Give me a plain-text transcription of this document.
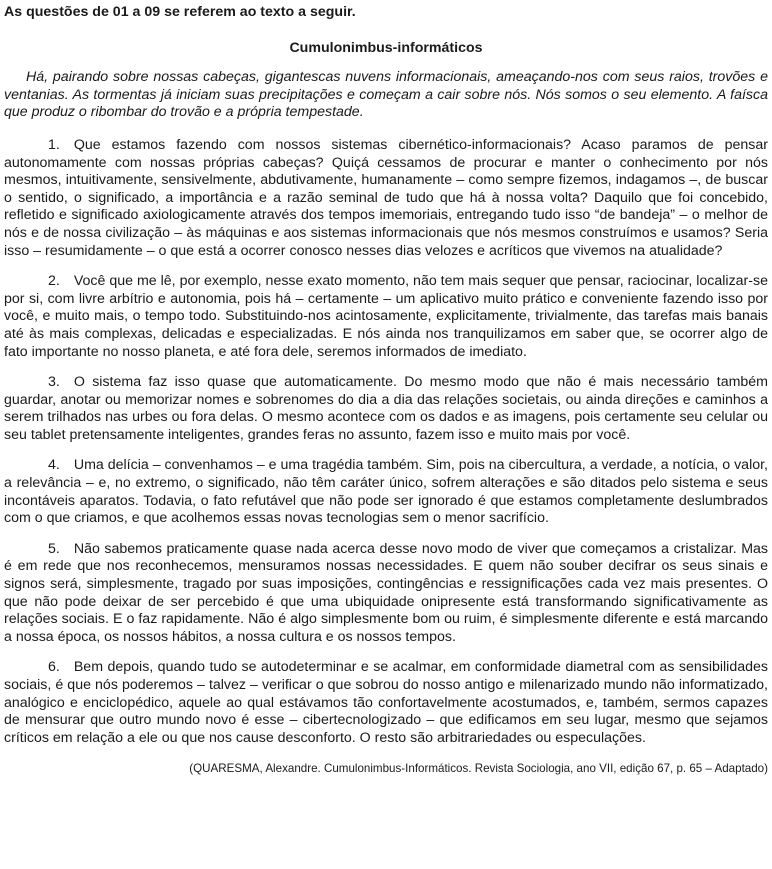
As questões de 01 a 09 se referem ao texto a seguir.

Cumulonimbus-informáticos

Há, pairando sobre nossas cabeças, gigantescas nuvens informacionais, ameaçando-nos com seus raios, trovões e ventanias. As tormentas já iniciam suas precipitações e começam a cair sobre nós. Nós somos o seu elemento. A faísca que produz o ribombar do trovão e a própria tempestade.

1. Que estamos fazendo com nossos sistemas cibernético-informacionais? Acaso paramos de pensar autonomamente com nossas próprias cabeças? Quiçá cessamos de procurar e manter o conhecimento por nós mesmos, intuitivamente, sensivelmente, abdutivamente, humanamente – como sempre fizemos, indagamos –, de buscar o sentido, o significado, a importância e a razão seminal de tudo que há à nossa volta? Daquilo que foi concebido, refletido e significado axiologicamente através dos tempos imemoriais, entregando tudo isso “de bandeja” – o melhor de nós e de nossa civilização – às máquinas e aos sistemas informacionais que nós mesmos construímos e usamos? Seria isso – resumidamente – o que está a ocorrer conosco nesses dias velozes e acríticos que vivemos na atualidade?

2. Você que me lê, por exemplo, nesse exato momento, não tem mais sequer que pensar, raciocinar, localizar-se por si, com livre arbítrio e autonomia, pois há – certamente – um aplicativo muito prático e conveniente fazendo isso por você, e muito mais, o tempo todo. Substituindo-nos acintosamente, explicitamente, trivialmente, das tarefas mais banais até às mais complexas, delicadas e especializadas. E nós ainda nos tranquilizamos em saber que, se ocorrer algo de fato importante no nosso planeta, e até fora dele, seremos informados de imediato.

3. O sistema faz isso quase que automaticamente. Do mesmo modo que não é mais necessário também guardar, anotar ou memorizar nomes e sobrenomes do dia a dia das relações societais, ou ainda direções e caminhos a serem trilhados nas urbes ou fora delas. O mesmo acontece com os dados e as imagens, pois certamente seu celular ou seu tablet pretensamente inteligentes, grandes feras no assunto, fazem isso e muito mais por você.

4. Uma delícia – convenhamos – e uma tragédia também. Sim, pois na cibercultura, a verdade, a notícia, o valor, a relevância – e, no extremo, o significado, não têm caráter único, sofrem alterações e são ditados pelo sistema e seus incontáveis aparatos. Todavia, o fato refutável que não pode ser ignorado é que estamos completamente deslumbrados com o que criamos, e que acolhemos essas novas tecnologias sem o menor sacrifício.

5. Não sabemos praticamente quase nada acerca desse novo modo de viver que começamos a cristalizar. Mas é em rede que nos reconhecemos, mensuramos nossas necessidades. E quem não souber decifrar os seus sinais e signos será, simplesmente, tragado por suas imposições, contingências e ressignificações cada vez mais presentes. O que não pode deixar de ser percebido é que uma ubiquidade onipresente está transformando significativamente as relações sociais. E o faz rapidamente. Não é algo simplesmente bom ou ruim, é simplesmente diferente e está marcando a nossa época, os nossos hábitos, a nossa cultura e os nossos tempos.

6. Bem depois, quando tudo se autodeterminar e se acalmar, em conformidade diametral com as sensibilidades sociais, é que nós poderemos – talvez – verificar o que sobrou do nosso antigo e milenarizado mundo não informatizado, analógico e enciclopédico, aquele ao qual estávamos tão confortavelmente acostumados, e, também, sermos capazes de mensurar que outro mundo novo é esse – cibertecnologizado – que edificamos em seu lugar, mesmo que sejamos críticos em relação a ele ou que nos cause desconforto. O resto são arbitrariedades ou especulações.

(QUARESMA, Alexandre. Cumulonimbus-Informáticos. Revista Sociologia, ano VII, edição 67, p. 65 – Adaptado)
